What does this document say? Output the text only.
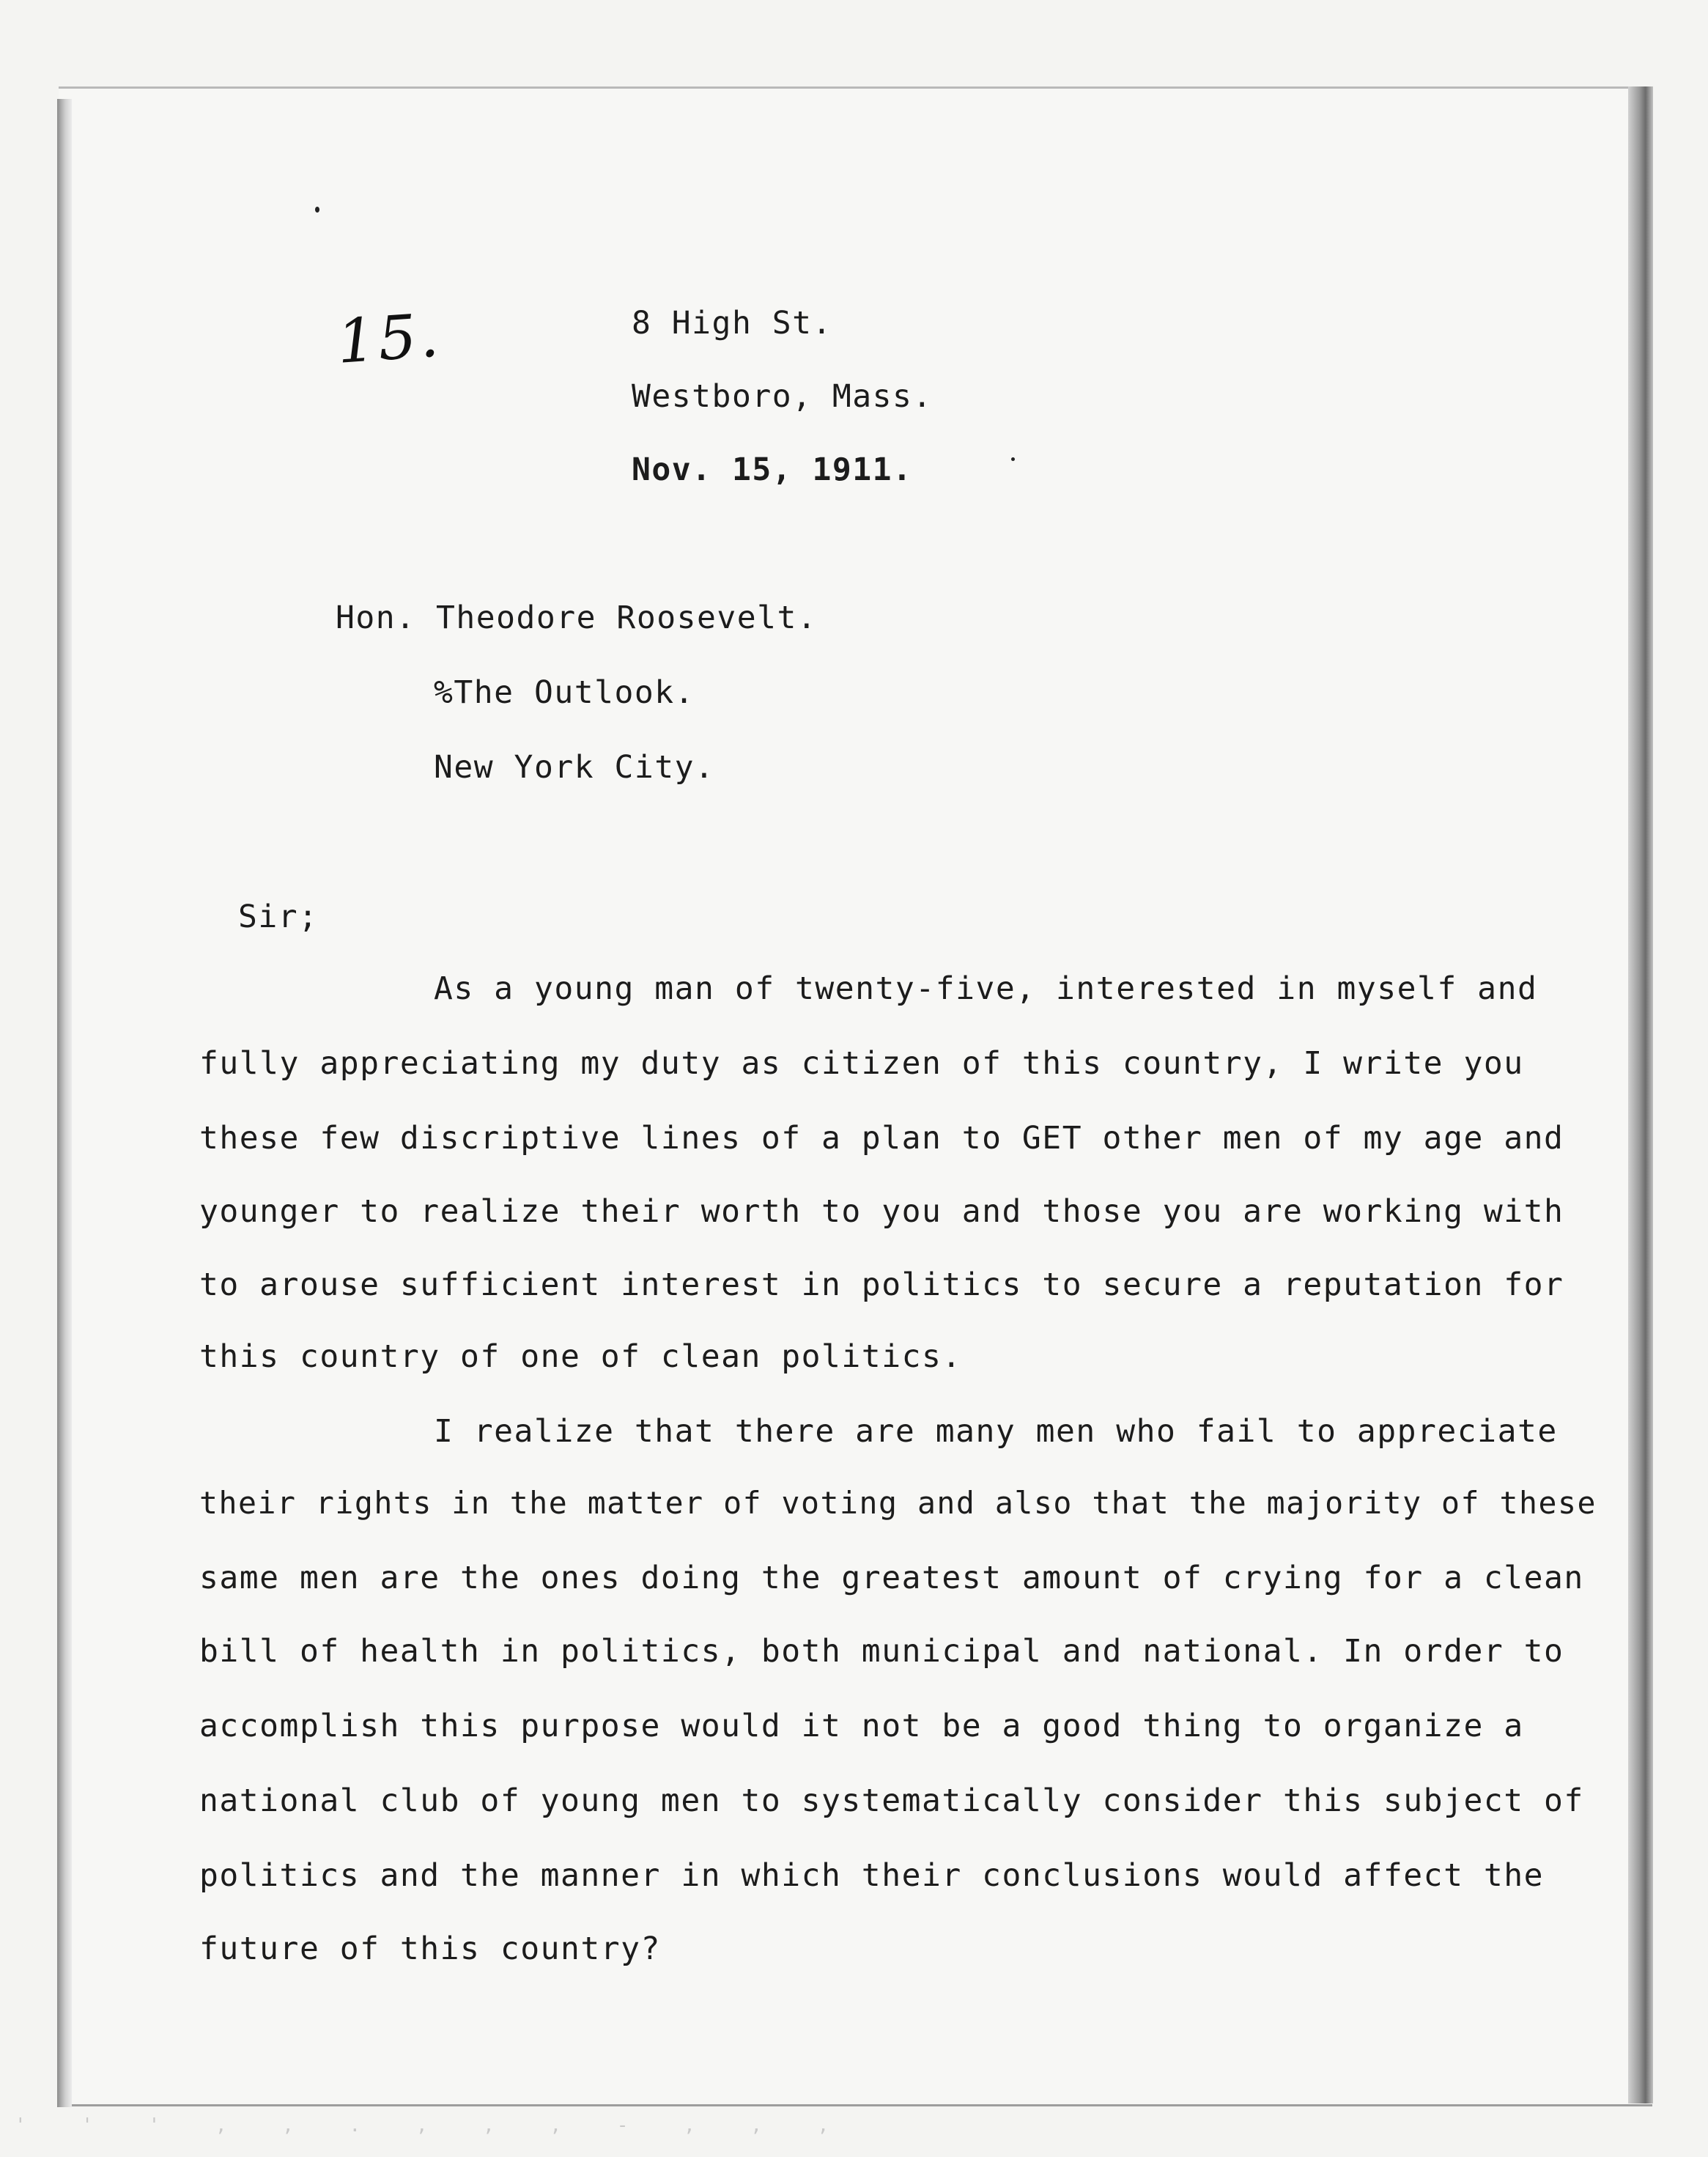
' ' ' , , . , , , - , , ,
15.	8 High St.
Westboro, Mass.
Nov. 15, 1911.
Hon. Theodore Roosevelt.
%The Outlook.
New York City.
Sir;
As a young man of twenty-five, interested in myself and
fully appreciating my duty as citizen of this country, I write you
these few discriptive lines of a plan to GET other men of my age and
younger to realize their worth to you and those you are working with
to arouse sufficient interest in politics to secure a reputation for
this country of one of clean politics.
I realize that there are many men who fail to appreciate
their rights in the matter of voting and also that the majority of these
same men are the ones doing the greatest amount of crying for a clean
bill of health in politics, both municipal and national. In order to
accomplish this purpose would it not be a good thing to organize a
national club of young men to systematically consider this subject of
politics and the manner in which their conclusions would affect the
future of this country?
